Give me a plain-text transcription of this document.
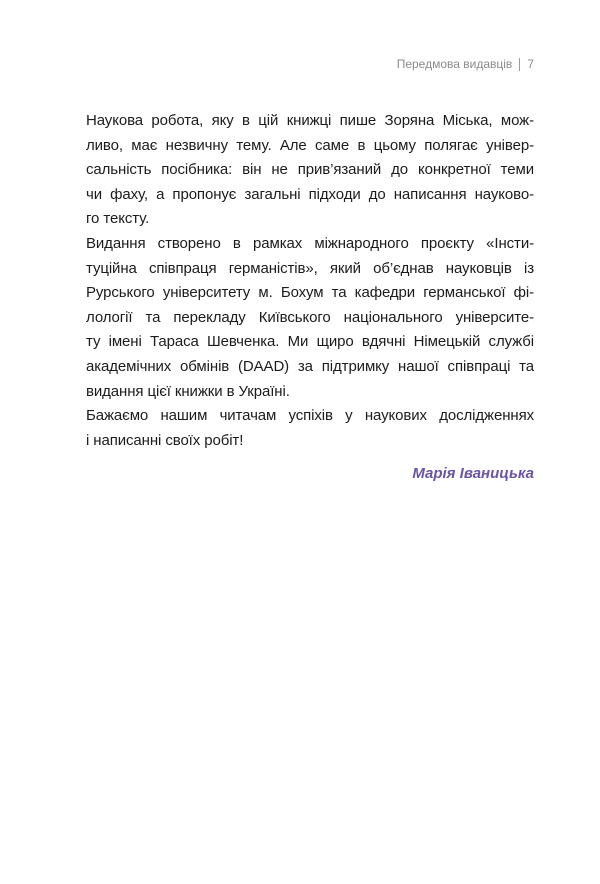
Передмова видавців 7
Наукова робота, яку в цій книжці пише Зоряна Міська, мож-
ливо, має незвичну тему. Але саме в цьому полягає універ-
сальність посібника: він не прив’язаний до конкретної теми
чи фаху, а пропонує загальні підходи до написання науково-
го тексту.
Видання створено в рамках міжнародного проєкту «Інсти-
туційна співпраця германістів», який об’єднав науковців із
Рурського університету м. Бохум та кафедри германської фі-
лології та перекладу Київського національного університе-
ту імені Тараса Шевченка. Ми щиро вдячні Німецькій службі
академічних обмінів (DAAD) за підтримку нашої співпраці та
видання цієї книжки в Україні.
Бажаємо нашим читачам успіхів у наукових дослідженнях
і написанні своїх робіт!
Марія Іваницька
